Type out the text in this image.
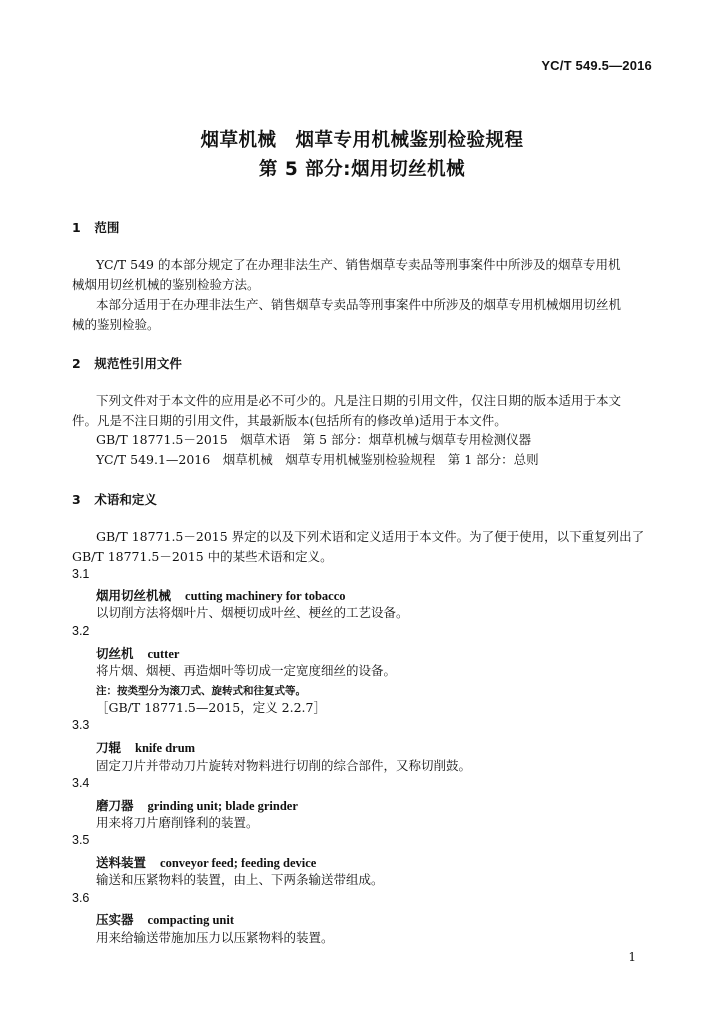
YC/T 549.5—2016
烟草机械　烟草专用机械鉴别检验规程
第 5 部分:烟用切丝机械
1 范围
YC/T 549 的本部分规定了在办理非法生产、销售烟草专卖品等刑事案件中所涉及的烟草专用机
械烟用切丝机械的鉴别检验方法。
本部分适用于在办理非法生产、销售烟草专卖品等刑事案件中所涉及的烟草专用机械烟用切丝机
械的鉴别检验。
2 规范性引用文件
下列文件对于本文件的应用是必不可少的。凡是注日期的引用文件，仅注日期的版本适用于本文
件。凡是不注日期的引用文件，其最新版本(包括所有的修改单)适用于本文件。
GB/T 18771.5－2015　烟草术语　第 5 部分：烟草机械与烟草专用检测仪器
YC/T 549.1—2016　烟草机械　烟草专用机械鉴别检验规程　第 1 部分：总则
3 术语和定义
GB/T 18771.5－2015 界定的以及下列术语和定义适用于本文件。为了便于使用，以下重复列出了
GB/T 18771.5－2015 中的某些术语和定义。
3.1
烟用切丝机械 cutting machinery for tobacco
以切削方法将烟叶片、烟梗切成叶丝、梗丝的工艺设备。
3.2
切丝机 cutter
将片烟、烟梗、再造烟叶等切成一定宽度细丝的设备。
注：按类型分为滚刀式、旋转式和往复式等。
［GB/T 18771.5—2015，定义 2.2.7］
3.3
刀辊 knife drum
固定刀片并带动刀片旋转对物料进行切削的综合部件，又称切削鼓。
3.4
磨刀器 grinding unit; blade grinder
用来将刀片磨削锋利的装置。
3.5
送料装置 conveyor feed; feeding device
输送和压紧物料的装置，由上、下两条输送带组成。
3.6
压实器 compacting unit
用来给输送带施加压力以压紧物料的装置。
1
